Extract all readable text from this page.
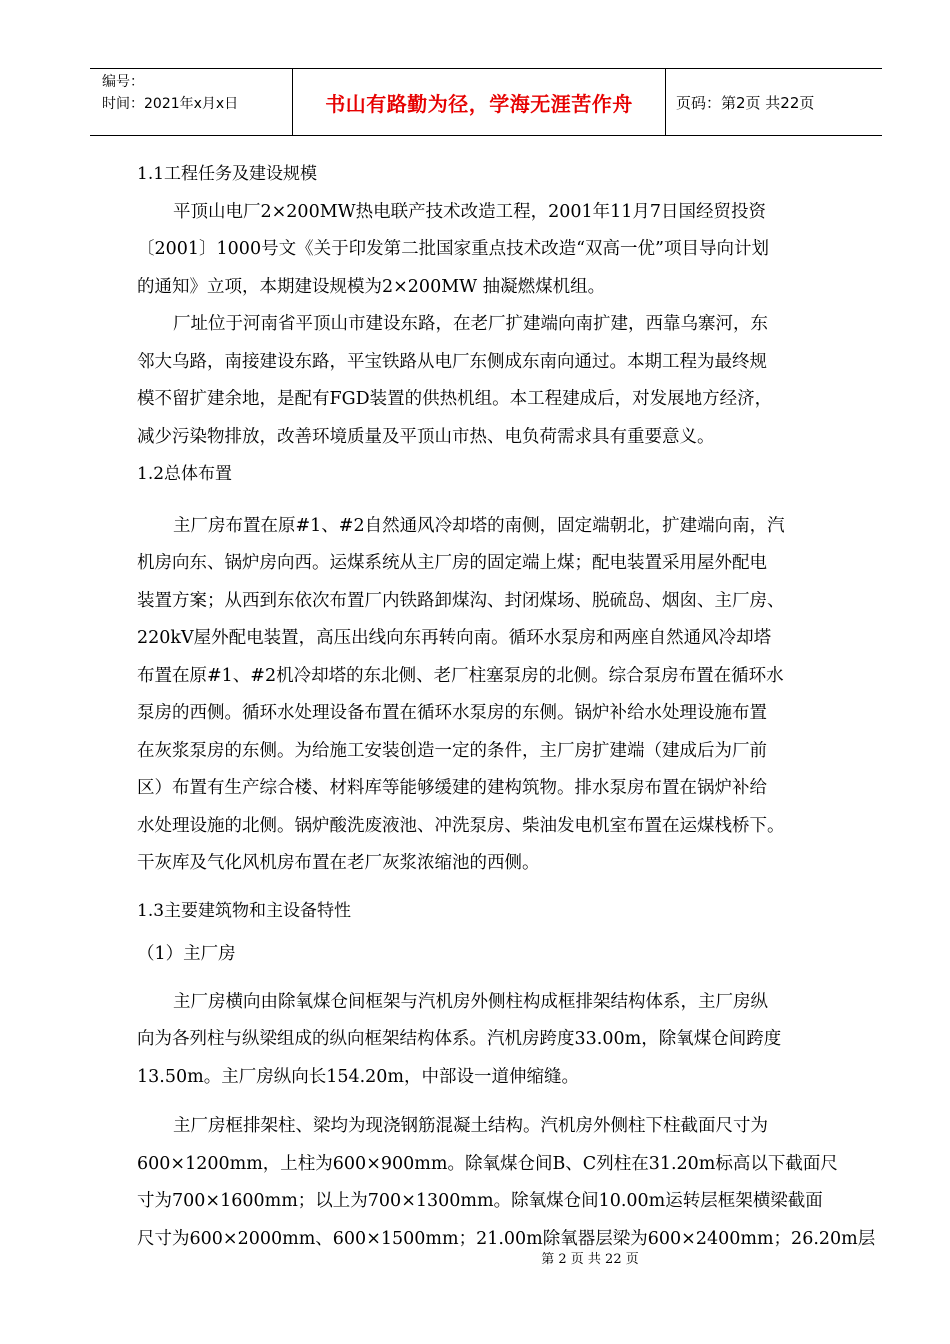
编号：
时间：2021年x月x日	书山有路勤为径，学海无涯苦作舟	页码：第2页 共22页
1.1工程任务及建设规模
平顶山电厂2×200MW热电联产技术改造工程，2001年11月7日国经贸投资
〔2001〕1000号文《关于印发第二批国家重点技术改造“双高一优”项目导向计划
的通知》立项，本期建设规模为2×200MW 抽凝燃煤机组。
厂址位于河南省平顶山市建设东路，在老厂扩建端向南扩建，西靠乌寨河，东
邻大乌路，南接建设东路，平宝铁路从电厂东侧成东南向通过。本期工程为最终规
模不留扩建余地，是配有FGD装置的供热机组。本工程建成后，对发展地方经济，
减少污染物排放，改善环境质量及平顶山市热、电负荷需求具有重要意义。
1.2总体布置
主厂房布置在原#1、#2自然通风冷却塔的南侧，固定端朝北，扩建端向南，汽
机房向东、锅炉房向西。运煤系统从主厂房的固定端上煤；配电装置采用屋外配电
装置方案；从西到东依次布置厂内铁路卸煤沟、封闭煤场、脱硫岛、烟囱、主厂房、
220kV屋外配电装置，高压出线向东再转向南。循环水泵房和两座自然通风冷却塔
布置在原#1、#2机冷却塔的东北侧、老厂柱塞泵房的北侧。综合泵房布置在循环水
泵房的西侧。循环水处理设备布置在循环水泵房的东侧。锅炉补给水处理设施布置
在灰浆泵房的东侧。为给施工安装创造一定的条件，主厂房扩建端（建成后为厂前
区）布置有生产综合楼、材料库等能够缓建的建构筑物。排水泵房布置在锅炉补给
水处理设施的北侧。锅炉酸洗废液池、冲洗泵房、柴油发电机室布置在运煤栈桥下。
干灰库及气化风机房布置在老厂灰浆浓缩池的西侧。
1.3主要建筑物和主设备特性
（1）主厂房
主厂房横向由除氧煤仓间框架与汽机房外侧柱构成框排架结构体系，主厂房纵
向为各列柱与纵梁组成的纵向框架结构体系。汽机房跨度33.00m，除氧煤仓间跨度
13.50m。主厂房纵向长154.20m，中部设一道伸缩缝。
主厂房框排架柱、梁均为现浇钢筋混凝土结构。汽机房外侧柱下柱截面尺寸为
600×1200mm，上柱为600×900mm。除氧煤仓间B、C列柱在31.20m标高以下截面尺
寸为700×1600mm；以上为700×1300mm。除氧煤仓间10.00m运转层框架横梁截面
尺寸为600×2000mm、600×1500mm；21.00m除氧器层梁为600×2400mm；26.20m层
第 2 页 共 22 页
